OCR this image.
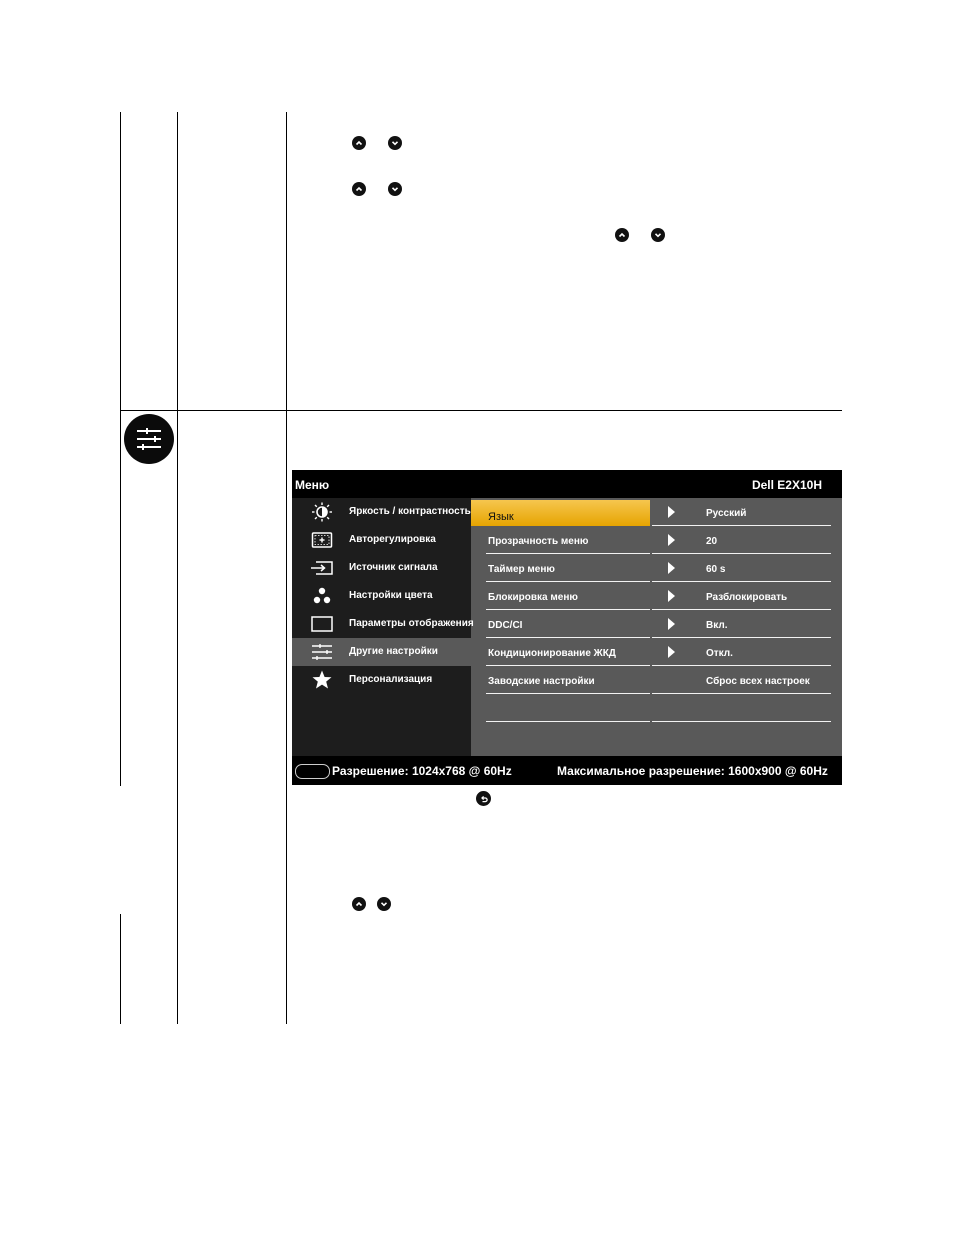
Меню	Dell E2X10H
Яркость / контрастность
Авторегулировка
Источник сигнала
Настройки цвета
Параметры отображения
Другие настройки
Персонализация
Язык	Русский
Прозрачность меню	20
Таймер меню	60 s
Блокировка меню	Разблокировать
DDC/CI	Вкл.
Кондиционирование ЖКД	Откл.
Заводские настройки	Сброс всех настроек
Разрешение: 1024x768 @ 60Hz	Максимальное разрешение: 1600x900 @ 60Hz
